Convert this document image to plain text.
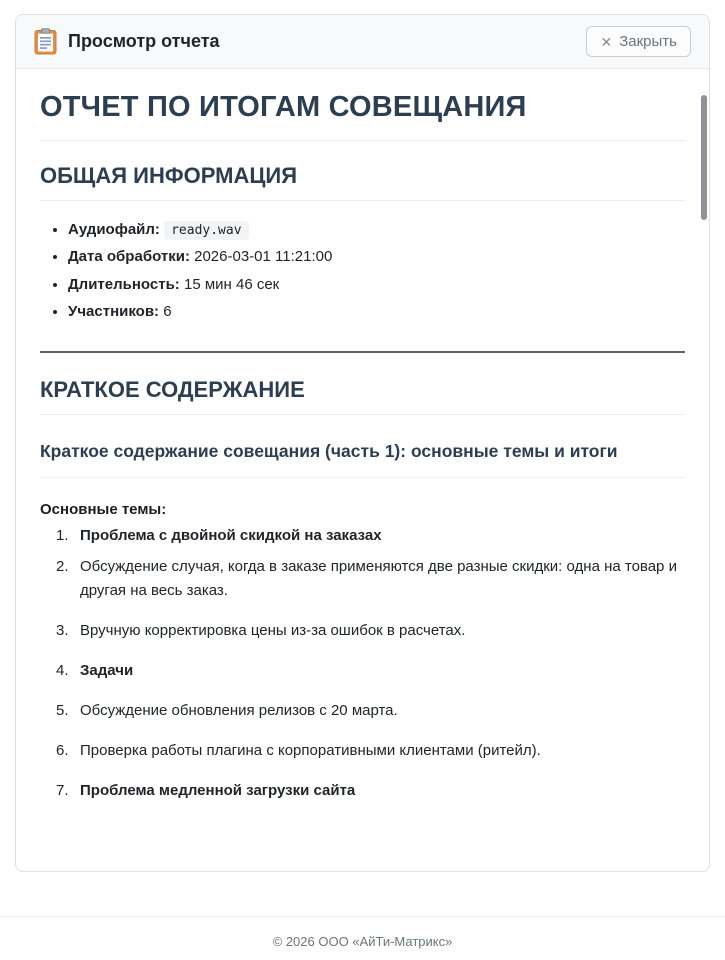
Просмотр отчета	✕ Закрыть
ОТЧЕТ ПО ИТОГАМ СОВЕЩАНИЯ
ОБЩАЯ ИНФОРМАЦИЯ
• Аудиофайл: ready.wav
• Дата обработки: 2026-03-01 11:21:00
• Длительность: 15 мин 46 сек
• Участников: 6
КРАТКОЕ СОДЕРЖАНИЕ
Краткое содержание совещания (часть 1): основные темы и итоги

Основные темы:

Проблема с двойной скидкой на заказах
Обсуждение случая, когда в заказе применяются две разные скидки: одна на товар и другая на весь заказ.
Вручную корректировка цены из-за ошибок в расчетах.
Задачи
Обсуждение обновления релизов с 20 марта.
Проверка работы плагина с корпоративными клиентами (ритейл).
Проблема медленной загрузки сайта
© 2026 ООО «АйТи-Матрикс»
